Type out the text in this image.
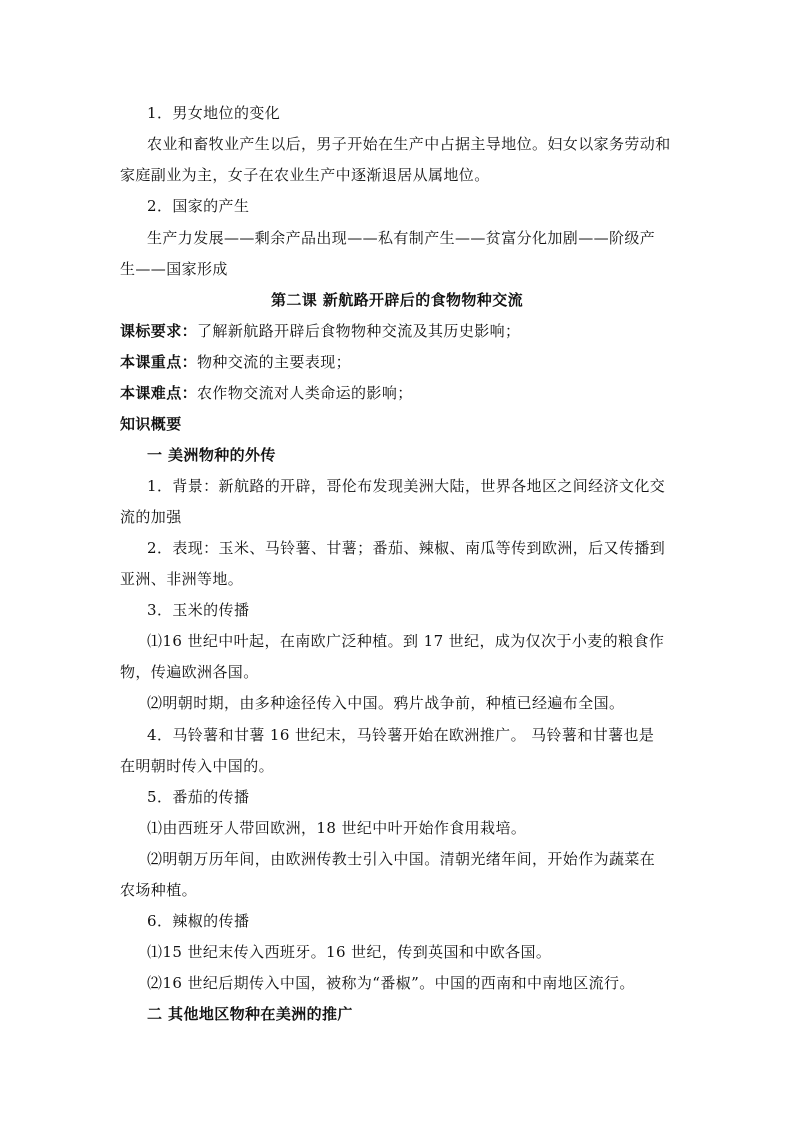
1．男女地位的变化
农业和畜牧业产生以后，男子开始在生产中占据主导地位。妇女以家务劳动和
家庭副业为主，女子在农业生产中逐渐退居从属地位。
2．国家的产生
生产力发展——剩余产品出现——私有制产生——贫富分化加剧——阶级产
生——国家形成
第二课 新航路开辟后的食物物种交流
课标要求：了解新航路开辟后食物物种交流及其历史影响；
本课重点：物种交流的主要表现；
本课难点：农作物交流对人类命运的影响；
知识概要
一 美洲物种的外传
1．背景：新航路的开辟，哥伦布发现美洲大陆，世界各地区之间经济文化交
流的加强
2．表现：玉米、马铃薯、甘薯；番茄、辣椒、南瓜等传到欧洲，后又传播到
亚洲、非洲等地。
3．玉米的传播
⑴16 世纪中叶起，在南欧广泛种植。到 17 世纪，成为仅次于小麦的粮食作
物，传遍欧洲各国。
⑵明朝时期，由多种途径传入中国。鸦片战争前，种植已经遍布全国。
4．马铃薯和甘薯 16 世纪末，马铃薯开始在欧洲推广。 马铃薯和甘薯也是
在明朝时传入中国的。
5．番茄的传播
⑴由西班牙人带回欧洲，18 世纪中叶开始作食用栽培。
⑵明朝万历年间，由欧洲传教士引入中国。清朝光绪年间，开始作为蔬菜在
农场种植。
6．辣椒的传播
⑴15 世纪末传入西班牙。16 世纪，传到英国和中欧各国。
⑵16 世纪后期传入中国，被称为“番椒”。中国的西南和中南地区流行。
二 其他地区物种在美洲的推广
